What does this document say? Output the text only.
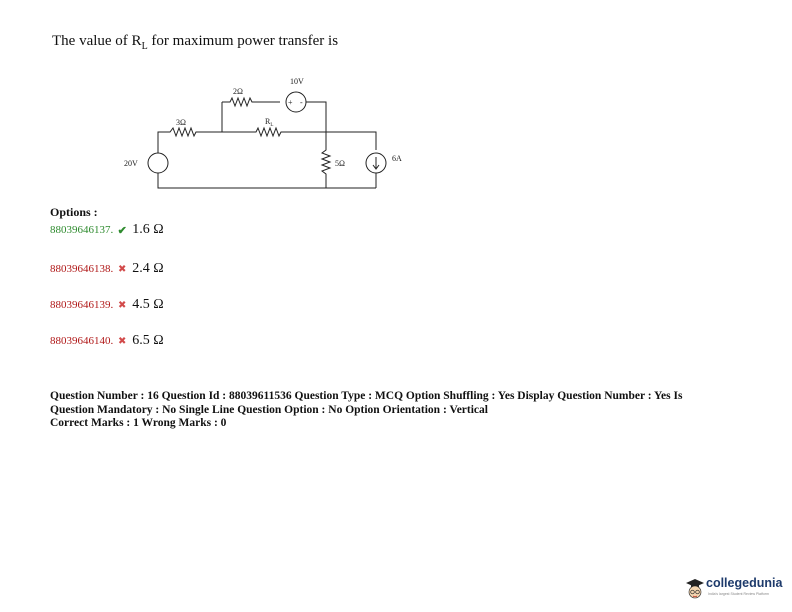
The value of $R_L$ for maximum power transfer is
2Ω
10V
+ -
3Ω	$R_L$
20V	5Ω
6A
Options :
88039646137. ✔ 1.6 Ω
88039646138. ✖ 2.4 Ω
88039646139. ✖ 4.5 Ω
88039646140. ✖ 6.5 Ω

Question Number : 16 Question Id : 88039611536 Question Type : MCQ Option Shuffling : Yes Display Question Number : Yes Is

Question Mandatory : No Single Line Question Option : No Option Orientation : Vertical

Correct Marks : 1 Wrong Marks : 0

collegedunia
India's largest Student Review Platform
